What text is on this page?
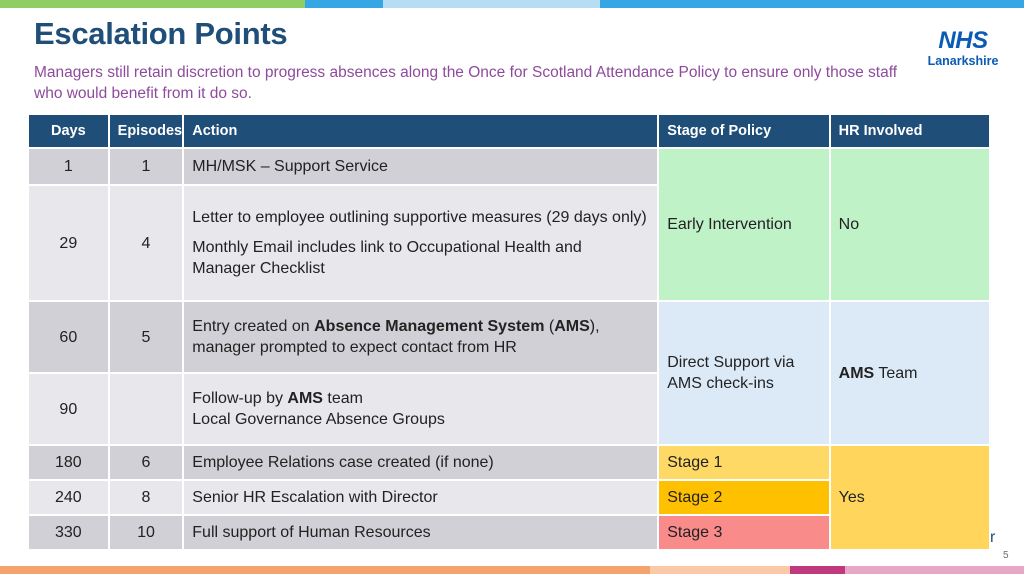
Escalation Points
Managers still retain discretion to progress absences along the Once for Scotland Attendance Policy to ensure only those staff who would benefit from it do so.
NHS
Lanarkshire
Days	Episodes	Action	Stage of Policy	HR Involved
1	1	MH/MSK – Support Service	Early Intervention	No
29	4	Letter to employee outlining supportive measures (29 days only)

Monthly Email includes link to Occupational Health and Manager Checklist		

60	5	Entry created on Absence Management System (AMS), manager prompted to expect contact from HR	Direct Support via AMS check-ins	AMS Team
90		Follow-up by AMS team
Local Governance Absence Groups		

180	6	Employee Relations case created (if none)	Stage 1	Yes
240	8	Senior HR Escalation with Director	Stage 2	
330	10	Full support of Human Resources	Stage 3		r
5
